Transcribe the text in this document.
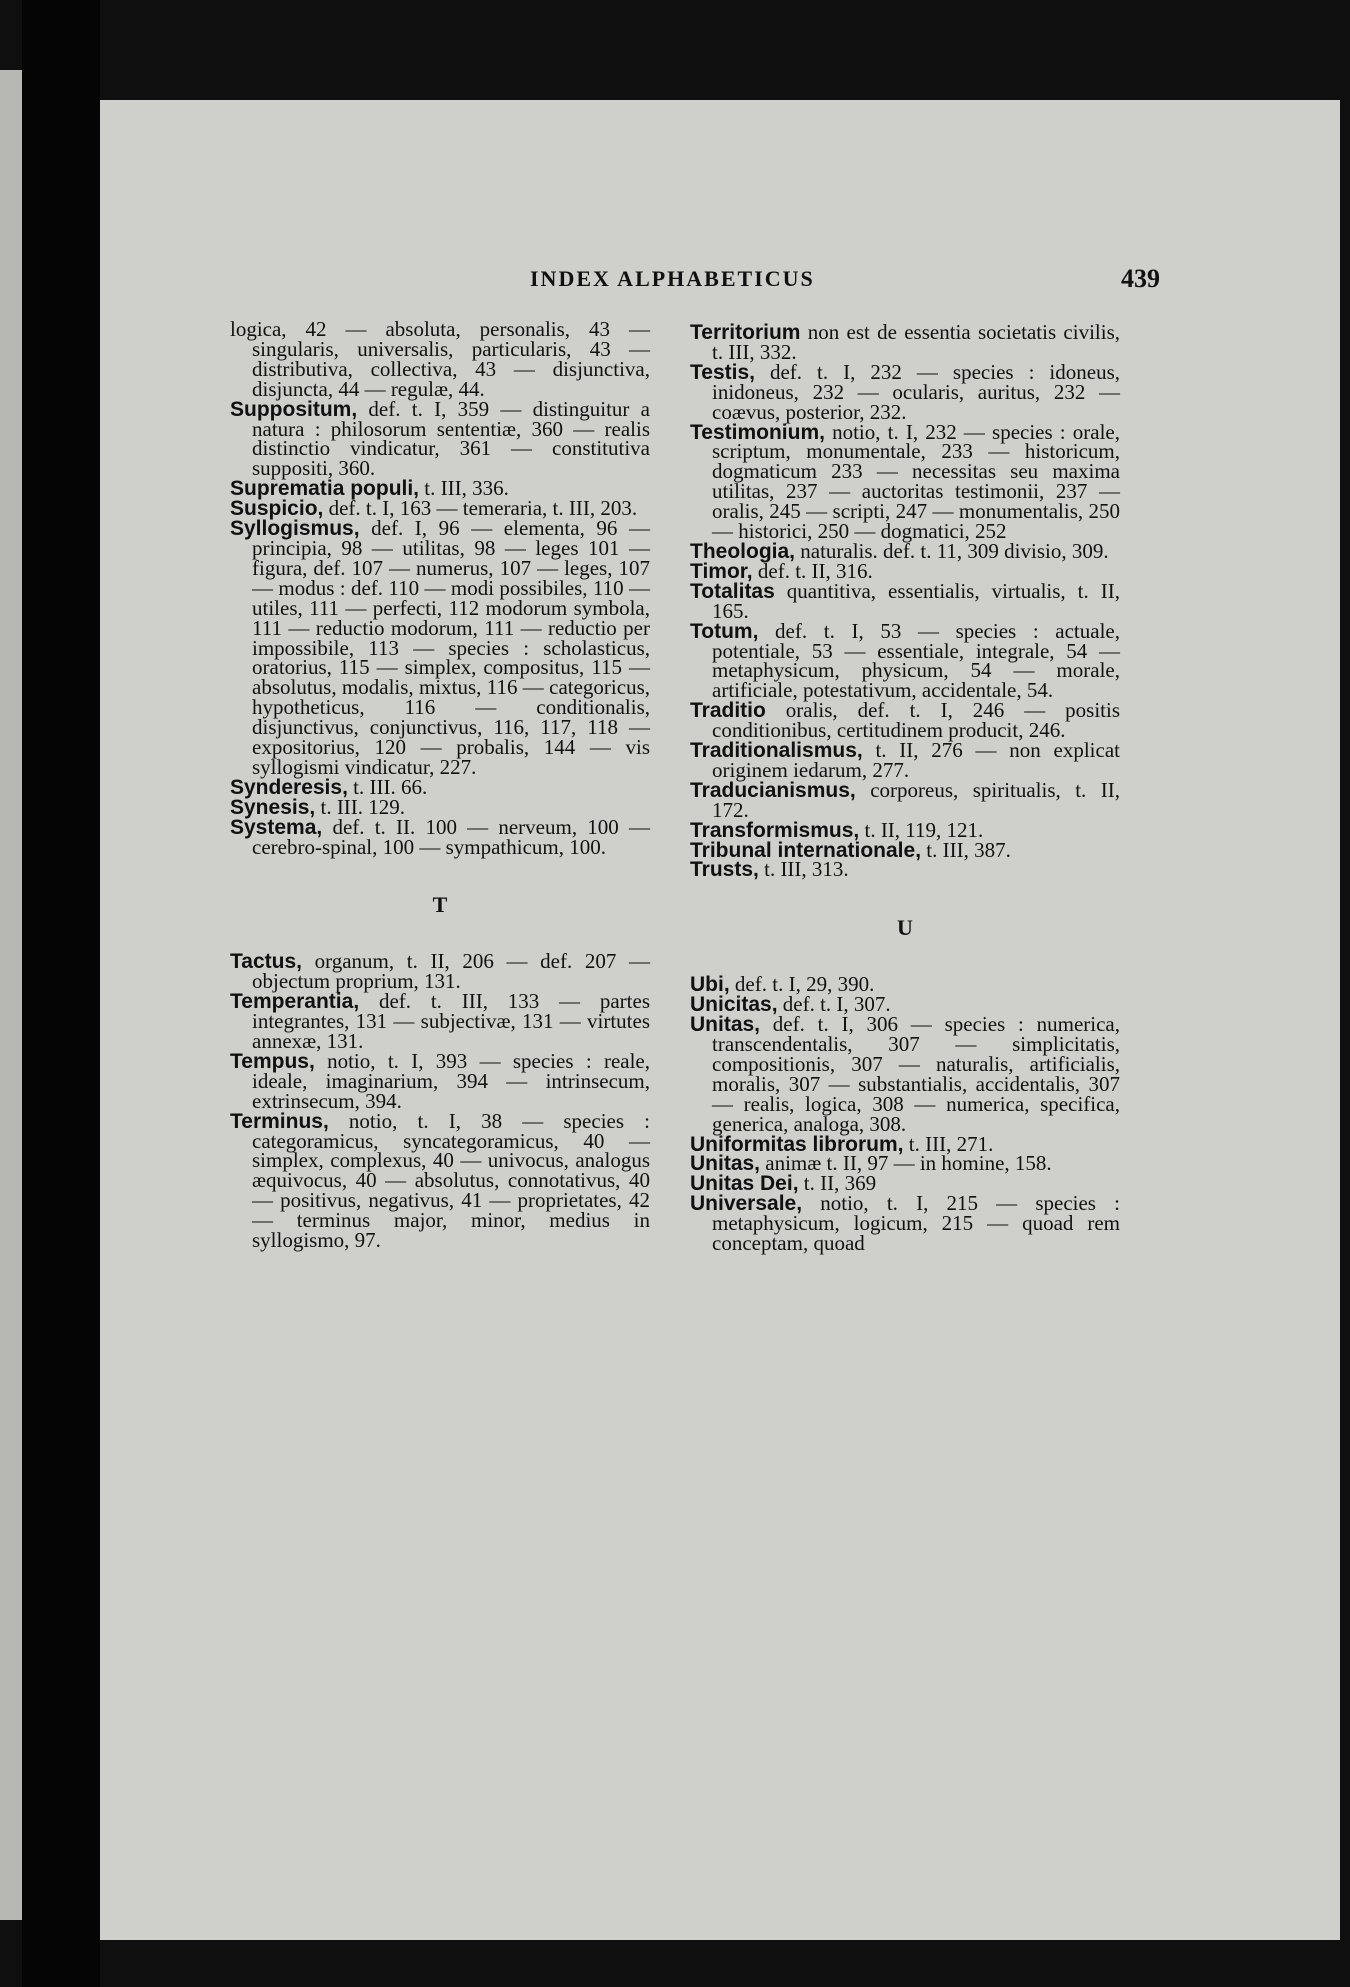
INDEX ALPHABETICUS	439

logica, 42 — absoluta, personalis, 43 — singularis, universalis, particularis, 43 — distributiva, collectiva, 43 — disjunctiva, disjuncta, 44 — regulæ, 44.

Suppositum, def. t. I, 359 — distinguitur a natura : philosorum sententiæ, 360 — realis distinctio vindicatur, 361 — constitutiva suppositi, 360.

Suprematia populi, t. III, 336.

Suspicio, def. t. I, 163 — temeraria, t. III, 203.

Syllogismus, def. I, 96 — elementa, 96 — principia, 98 — utilitas, 98 — leges 101 — figura, def. 107 — numerus, 107 — leges, 107 — modus : def. 110 — modi possibiles, 110 — utiles, 111 — perfecti, 112 modorum symbola, 111 — reductio modorum, 111 — reductio per impossibile, 113 — species : scholasticus, oratorius, 115 — simplex, compositus, 115 — absolutus, modalis, mixtus, 116 — categoricus, hypotheticus, 116 — conditionalis, disjunctivus, conjunctivus, 116, 117, 118 — expositorius, 120 — probalis, 144 — vis syllogismi vindicatur, 227.

Synderesis, t. III. 66.

Synesis, t. III. 129.

Systema, def. t. II. 100 — nerveum, 100 — cerebro-spinal, 100 — sympathicum, 100.

T

Tactus, organum, t. II, 206 — def. 207 — objectum proprium, 131.

Temperantia, def. t. III, 133 — partes integrantes, 131 — subjectivæ, 131 — virtutes annexæ, 131.

Tempus, notio, t. I, 393 — species : reale, ideale, imaginarium, 394 — intrinsecum, extrinsecum, 394.

Terminus, notio, t. I, 38 — species : categoramicus, syncategoramicus, 40 — simplex, complexus, 40 — univocus, analogus æquivocus, 40 — absolutus, connotativus, 40 — positivus, negativus, 41 — proprietates, 42 — terminus major, minor, medius in syllogismo, 97.

Territorium non est de essentia societatis civilis, t. III, 332.

Testis, def. t. I, 232 — species : idoneus, inidoneus, 232 — ocularis, auritus, 232 — coævus, posterior, 232.

Testimonium, notio, t. I, 232 — species : orale, scriptum, monumentale, 233 — historicum, dogmaticum 233 — necessitas seu maxima utilitas, 237 — auctoritas testimonii, 237 — oralis, 245 — scripti, 247 — monumentalis, 250 — historici, 250 — dogmatici, 252

Theologia, naturalis. def. t. 11, 309 divisio, 309.

Timor, def. t. II, 316.

Totalitas quantitiva, essentialis, virtualis, t. II, 165.

Totum, def. t. I, 53 — species : actuale, potentiale, 53 — essentiale, integrale, 54 — metaphysicum, physicum, 54 — morale, artificiale, potestativum, accidentale, 54.

Traditio oralis, def. t. I, 246 — positis conditionibus, certitudinem producit, 246.

Traditionalismus, t. II, 276 — non explicat originem iedarum, 277.

Traducianismus, corporeus, spiritualis, t. II, 172.

Transformismus, t. II, 119, 121.

Tribunal internationale, t. III, 387.

Trusts, t. III, 313.

U

Ubi, def. t. I, 29, 390.

Unicitas, def. t. I, 307.

Unitas, def. t. I, 306 — species : numerica, transcendentalis, 307 — simplicitatis, compositionis, 307 — naturalis, artificialis, moralis, 307 — substantialis, accidentalis, 307 — realis, logica, 308 — numerica, specifica, generica, analoga, 308.

Uniformitas librorum, t. III, 271.

Unitas, animæ t. II, 97 — in homine, 158.

Unitas Dei, t. II, 369

Universale, notio, t. I, 215 — species : metaphysicum, logicum, 215 — quoad rem conceptam, quoad
